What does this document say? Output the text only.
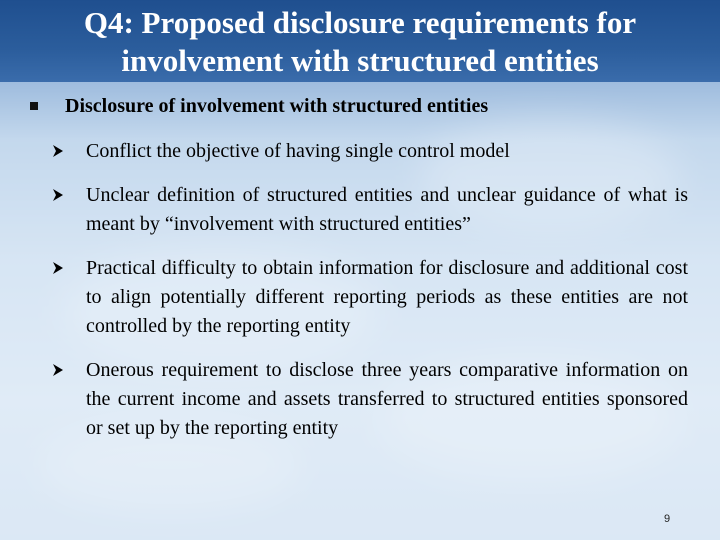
Q4: Proposed disclosure requirements for involvement with structured entities
Disclosure of involvement with structured entities
Conflict the objective of having single control model
Unclear definition of structured entities and unclear guidance of what is meant by “involvement with structured entities”
Practical difficulty to obtain information for disclosure and additional cost to align potentially different reporting periods as these entities are not controlled by the reporting entity
Onerous requirement to disclose three years comparative information on the current income and assets transferred to structured entities sponsored or set up by the reporting entity
9
